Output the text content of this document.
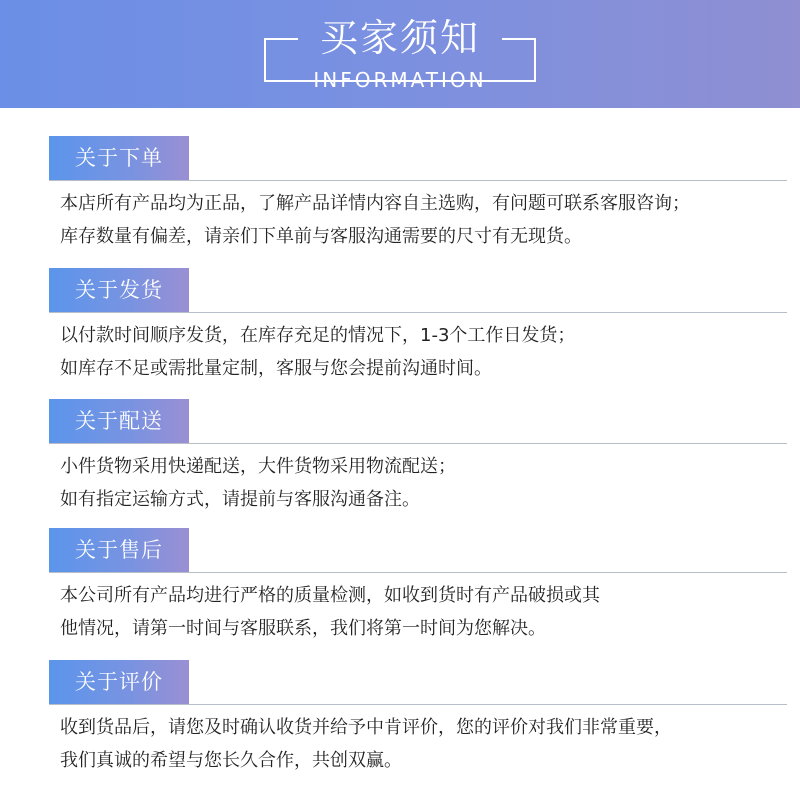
买家须知
INFORMATION
关于下单
本店所有产品均为正品，了解产品详情内容自主选购，有问题可联系客服咨询；
库存数量有偏差，请亲们下单前与客服沟通需要的尺寸有无现货。
关于发货
以付款时间顺序发货，在库存充足的情况下，1-3个工作日发货；
如库存不足或需批量定制，客服与您会提前沟通时间。
关于配送
小件货物采用快递配送，大件货物采用物流配送；
如有指定运输方式，请提前与客服沟通备注。
关于售后
本公司所有产品均进行严格的质量检测，如收到货时有产品破损或其
他情况，请第一时间与客服联系，我们将第一时间为您解决。
关于评价
收到货品后，请您及时确认收货并给予中肯评价，您的评价对我们非常重要，
我们真诚的希望与您长久合作，共创双赢。
